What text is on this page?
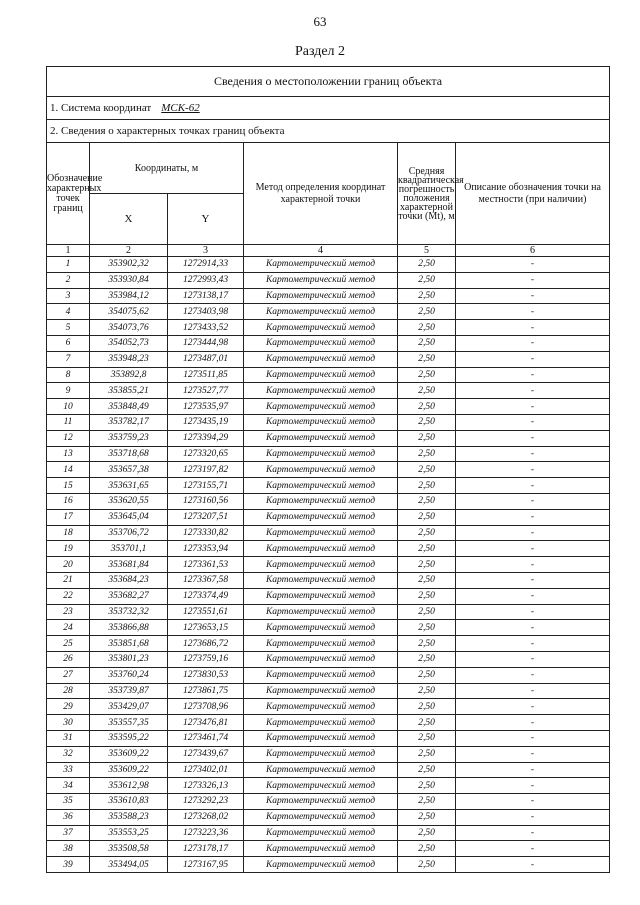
63
Раздел 2
Сведения о местоположении границ объекта					
1. Система координат МСК-62					
2. Сведения о характерных точках границ объекта					
Обозначение характерных точек границ	Координаты, м		Метод определения координат характерной точки	Средняя квадратическая погрешность положения характерной точки (Mt), м	Описание обозначения точки на местности (при наличии)
	X	Y			
1	2	3	4	5	6
1	353902,32	1272914,33	Картометрический метод	2,50	-
2	353930,84	1272993,43	Картометрический метод	2,50	-
3	353984,12	1273138,17	Картометрический метод	2,50	-
4	354075,62	1273403,98	Картометрический метод	2,50	-
5	354073,76	1273433,52	Картометрический метод	2,50	-
6	354052,73	1273444,98	Картометрический метод	2,50	-
7	353948,23	1273487,01	Картометрический метод	2,50	-
8	353892,8	1273511,85	Картометрический метод	2,50	-
9	353855,21	1273527,77	Картометрический метод	2,50	-
10	353848,49	1273535,97	Картометрический метод	2,50	-
11	353782,17	1273435,19	Картометрический метод	2,50	-
12	353759,23	1273394,29	Картометрический метод	2,50	-
13	353718,68	1273320,65	Картометрический метод	2,50	-
14	353657,38	1273197,82	Картометрический метод	2,50	-
15	353631,65	1273155,71	Картометрический метод	2,50	-
16	353620,55	1273160,56	Картометрический метод	2,50	-
17	353645,04	1273207,51	Картометрический метод	2,50	-
18	353706,72	1273330,82	Картометрический метод	2,50	-
19	353701,1	1273353,94	Картометрический метод	2,50	-
20	353681,84	1273361,53	Картометрический метод	2,50	-
21	353684,23	1273367,58	Картометрический метод	2,50	-
22	353682,27	1273374,49	Картометрический метод	2,50	-
23	353732,32	1273551,61	Картометрический метод	2,50	-
24	353866,88	1273653,15	Картометрический метод	2,50	-
25	353851,68	1273686,72	Картометрический метод	2,50	-
26	353801,23	1273759,16	Картометрический метод	2,50	-
27	353760,24	1273830,53	Картометрический метод	2,50	-
28	353739,87	1273861,75	Картометрический метод	2,50	-
29	353429,07	1273708,96	Картометрический метод	2,50	-
30	353557,35	1273476,81	Картометрический метод	2,50	-
31	353595,22	1273461,74	Картометрический метод	2,50	-
32	353609,22	1273439,67	Картометрический метод	2,50	-
33	353609,22	1273402,01	Картометрический метод	2,50	-
34	353612,98	1273326,13	Картометрический метод	2,50	-
35	353610,83	1273292,23	Картометрический метод	2,50	-
36	353588,23	1273268,02	Картометрический метод	2,50	-
37	353553,25	1273223,36	Картометрический метод	2,50	-
38	353508,58	1273178,17	Картометрический метод	2,50	-
39	353494,05	1273167,95	Картометрический метод	2,50	-
